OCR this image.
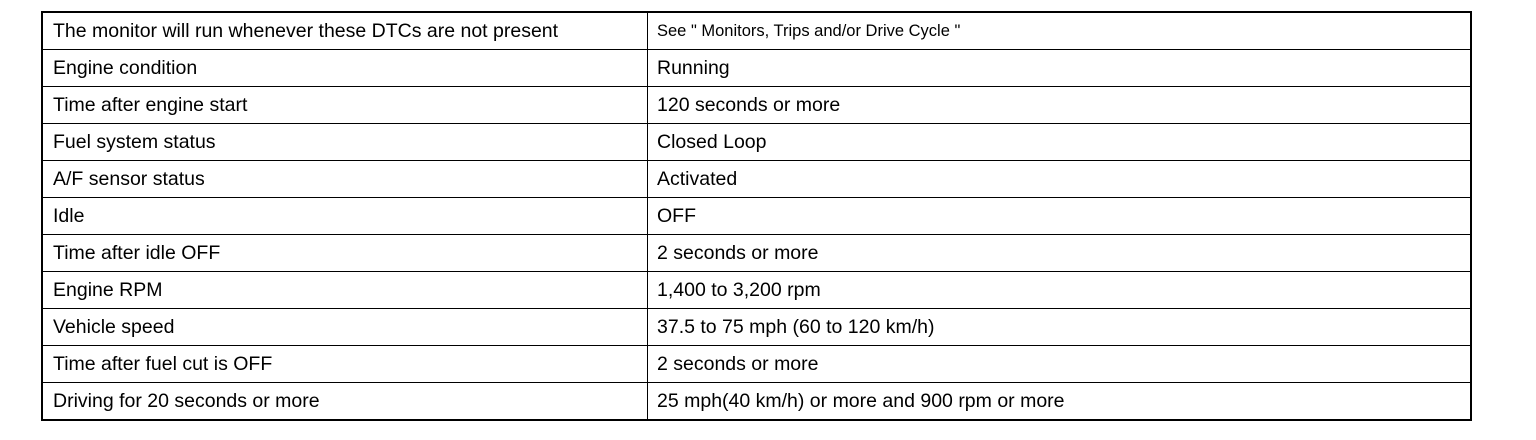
The monitor will run whenever these DTCs are not present	See " Monitors, Trips and/or Drive Cycle "
Engine condition	Running
Time after engine start	120 seconds or more
Fuel system status	Closed Loop
A/F sensor status	Activated
Idle	OFF
Time after idle OFF	2 seconds or more
Engine RPM	1,400 to 3,200 rpm
Vehicle speed	37.5 to 75 mph (60 to 120 km/h)
Time after fuel cut is OFF	2 seconds or more
Driving for 20 seconds or more	25 mph(40 km/h) or more and 900 rpm or more
